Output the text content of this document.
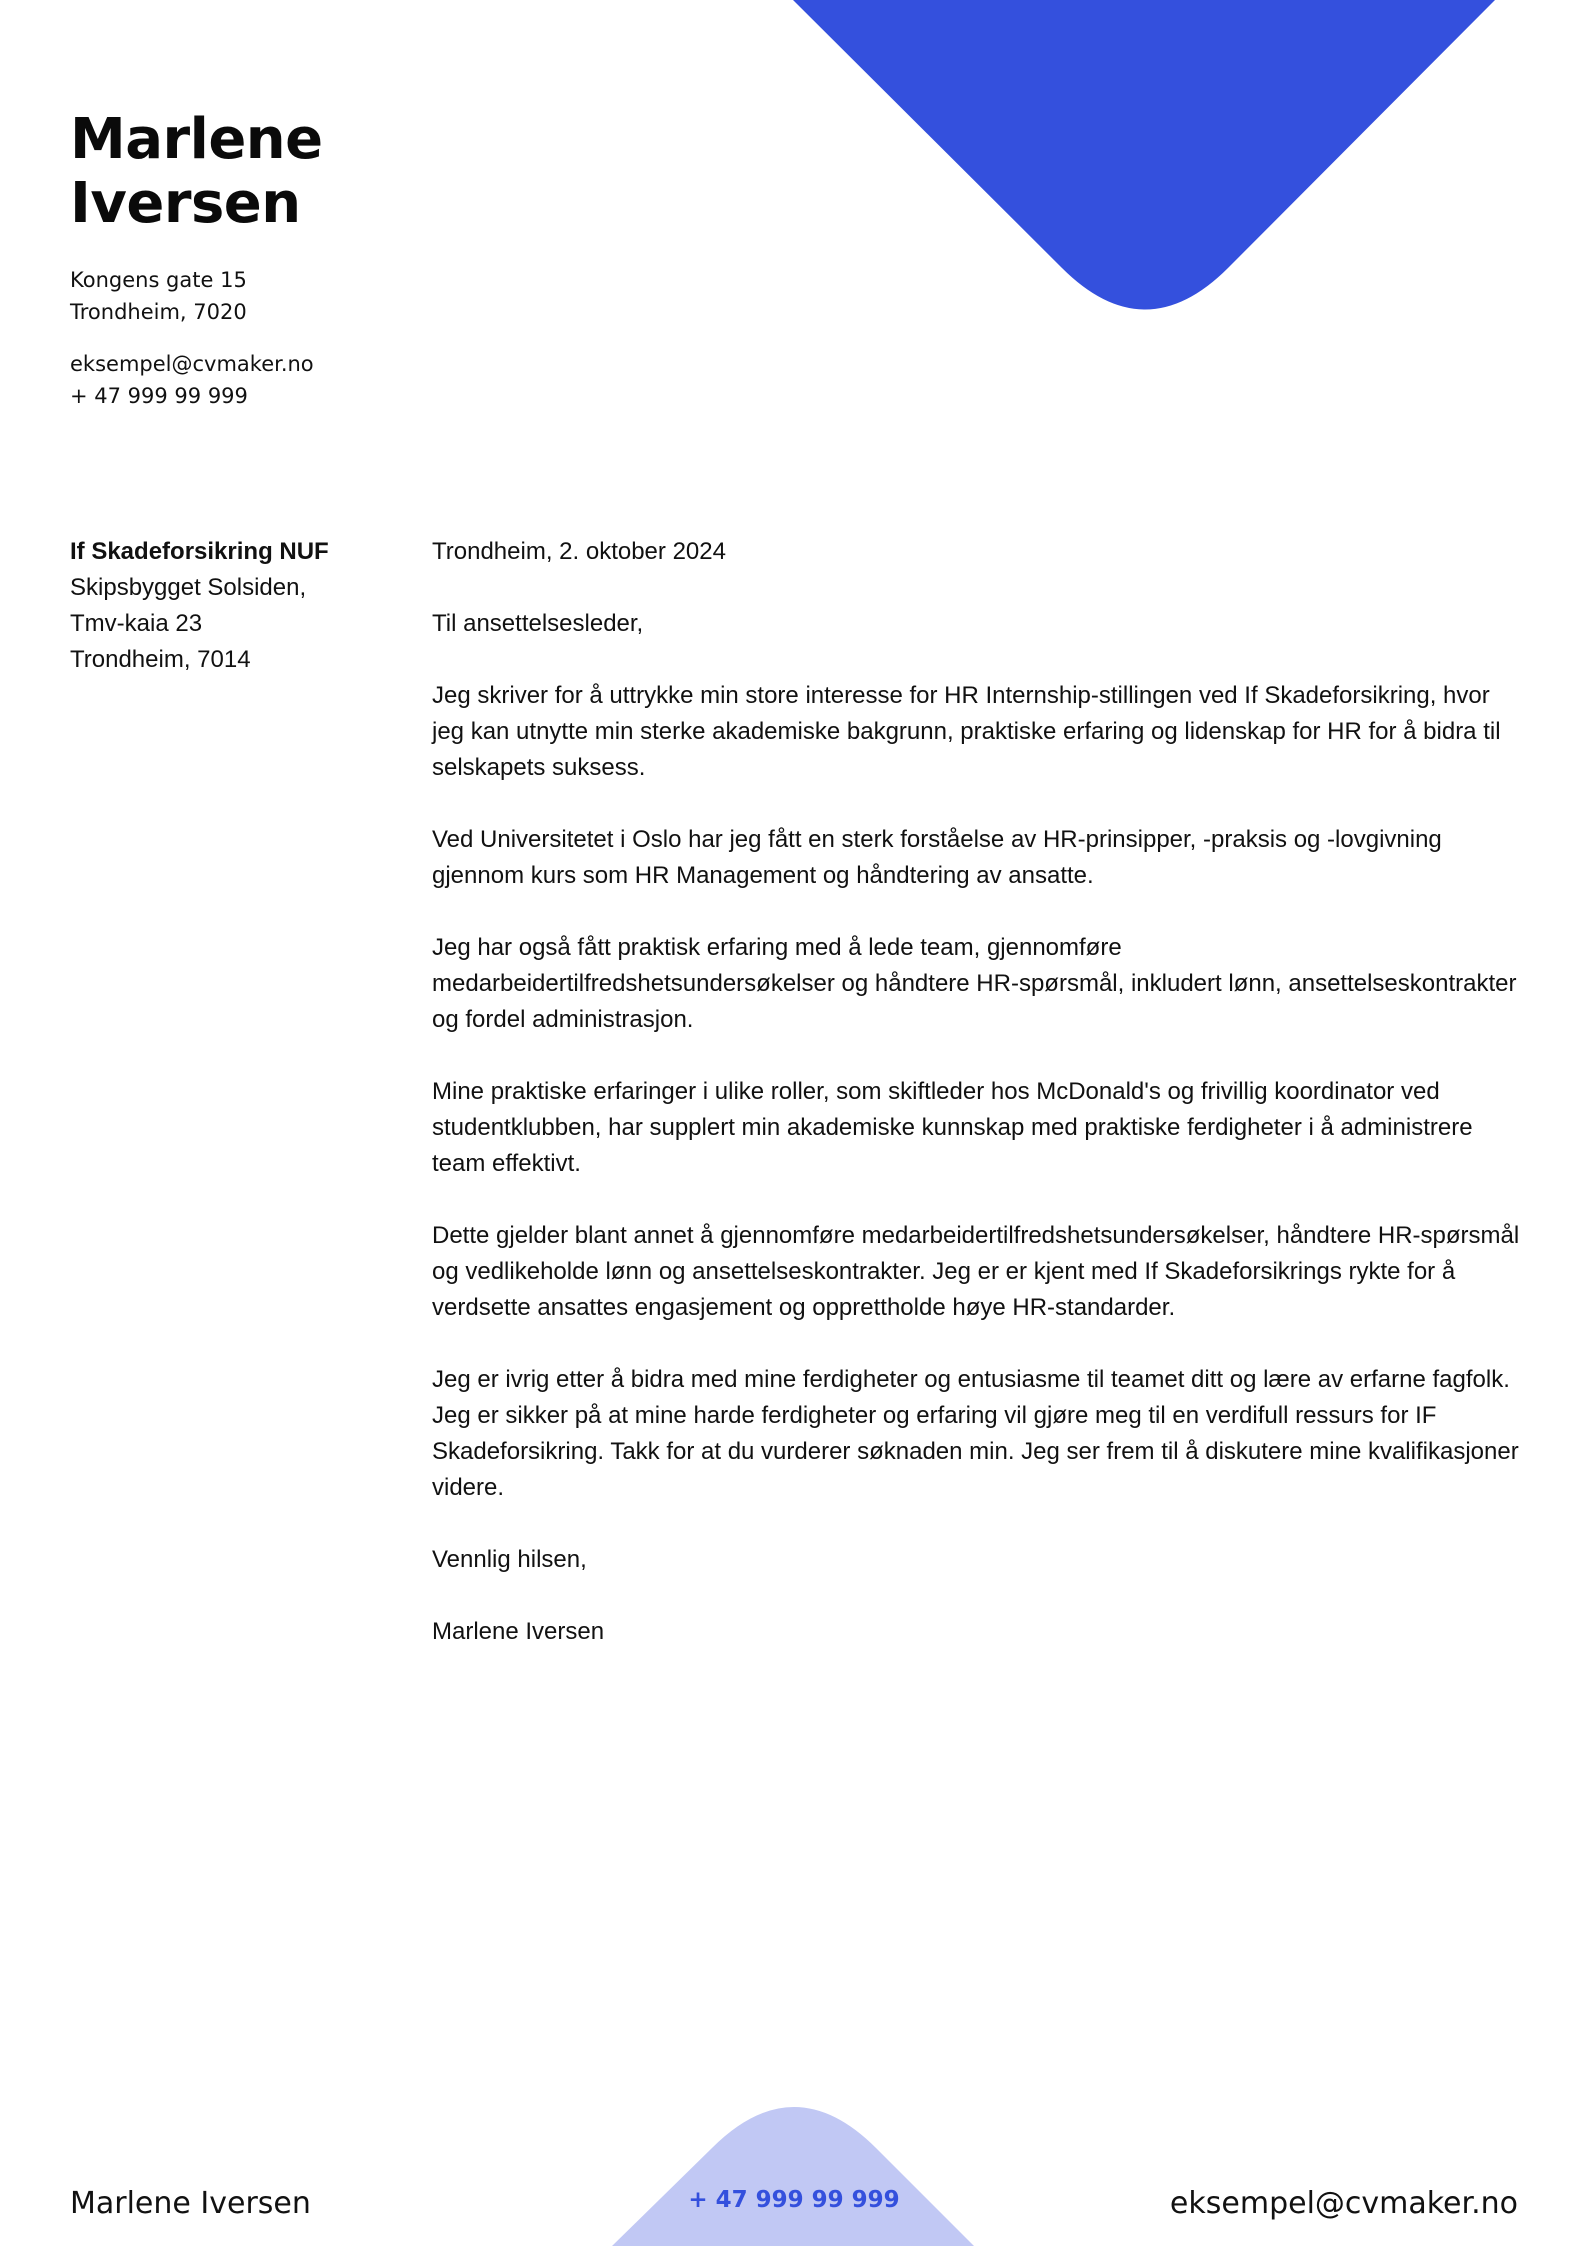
Marlene
Iversen
Kongens gate 15
Trondheim, 7020
eksempel@cvmaker.no
+ 47 999 99 999
If Skadeforsikring NUF
Skipsbygget Solsiden,
Tmv-kaia 23
Trondheim, 7014

Trondheim, 2. oktober 2024

Til ansettelsesleder,

Jeg skriver for å uttrykke min store interesse for HR Internship-stillingen ved If Skadeforsikring, hvor jeg kan utnytte min sterke akademiske bakgrunn, praktiske erfaring og lidenskap for HR for å bidra til selskapets suksess.

Ved Universitetet i Oslo har jeg fått en sterk forståelse av HR-prinsipper, -praksis og -lovgivning gjennom kurs som HR Management og håndtering av ansatte.

Jeg har også fått praktisk erfaring med å lede team, gjennomføre medarbeidertilfredshetsundersøkelser og håndtere HR-spørsmål, inkludert lønn, ansettelseskontrakter og fordel administrasjon.

Mine praktiske erfaringer i ulike roller, som skiftleder hos McDonald's og frivillig koordinator ved studentklubben, har supplert min akademiske kunnskap med praktiske ferdigheter i å administrere team effektivt.

Dette gjelder blant annet å gjennomføre medarbeidertilfredshetsundersøkelser, håndtere HR-spørsmål og vedlikeholde lønn og ansettelseskontrakter. Jeg er er kjent med If Skadeforsikrings rykte for å verdsette ansattes engasjement og opprettholde høye HR-standarder.

Jeg er ivrig etter å bidra med mine ferdigheter og entusiasme til teamet ditt og lære av erfarne fagfolk. Jeg er sikker på at mine harde ferdigheter og erfaring vil gjøre meg til en verdifull ressurs for IF Skadeforsikring. Takk for at du vurderer søknaden min. Jeg ser frem til å diskutere mine kvalifikasjoner videre.

Vennlig hilsen,

Marlene Iversen

Marlene Iversen	+ 47 999 99 999	eksempel@cvmaker.no
